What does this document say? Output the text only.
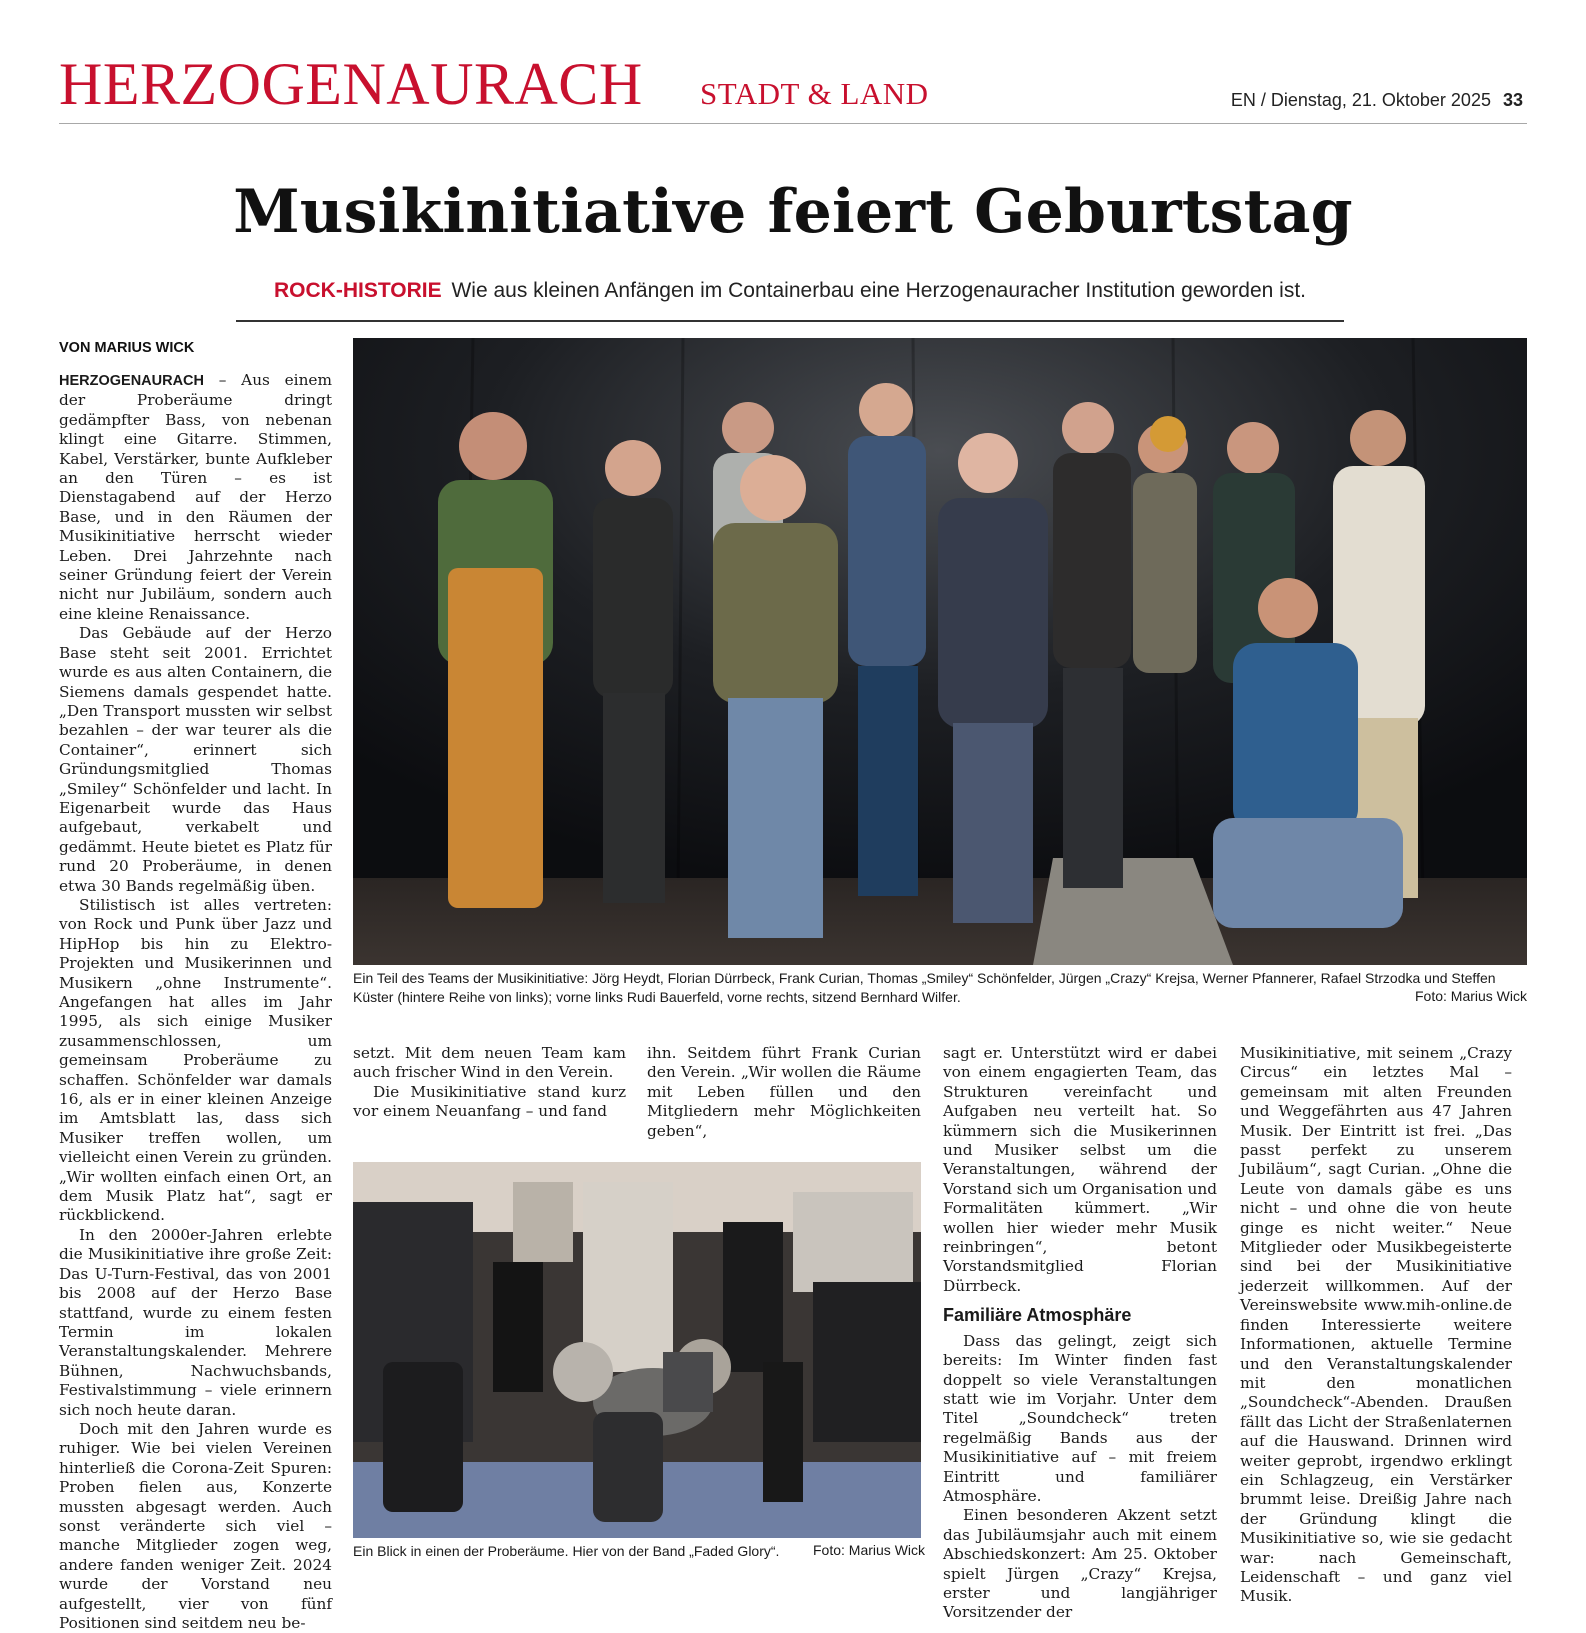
HERZOGENAURACH STADT & LAND	EN / Dienstag, 21. Oktober 2025 33
Musikinitiative feiert Geburtstag
ROCK-HISTORIE Wie aus kleinen Anfängen im Containerbau eine Herzogenauracher Institution geworden ist.
VON MARIUS WICK

HERZOGENAURACH – Aus einem der Proberäume dringt gedämpfter Bass, von nebenan klingt eine Gitarre. Stimmen, Kabel, Verstärker, bunte Aufkleber an den Türen – es ist Dienstagabend auf der Herzo Base, und in den Räumen der Musikinitiative herrscht wieder Leben. Drei Jahrzehnte nach seiner Gründung feiert der Verein nicht nur Jubiläum, sondern auch eine kleine Renaissance.

Das Gebäude auf der Herzo Base steht seit 2001. Errichtet wurde es aus alten Containern, die Siemens damals gespendet hatte. „Den Transport mussten wir selbst bezahlen – der war teurer als die Container“, erinnert sich Gründungsmitglied Thomas „Smiley“ Schönfelder und lacht. In Eigenarbeit wurde das Haus aufgebaut, verkabelt und gedämmt. Heute bietet es Platz für rund 20 Proberäume, in denen etwa 30 Bands regelmäßig üben.

Stilistisch ist alles vertreten: von Rock und Punk über Jazz und HipHop bis hin zu Elektro-Projekten und Musikerinnen und Musikern „ohne Instrumente“. Angefangen hat alles im Jahr 1995, als sich einige Musiker zusammenschlossen, um gemeinsam Proberäume zu schaffen. Schönfelder war damals 16, als er in einer kleinen Anzeige im Amtsblatt las, dass sich Musiker treffen wollen, um vielleicht einen Verein zu gründen. „Wir wollten einfach einen Ort, an dem Musik Platz hat“, sagt er rückblickend.

In den 2000er-Jahren erlebte die Musikinitiative ihre große Zeit: Das U-Turn-Festival, das von 2001 bis 2008 auf der Herzo Base stattfand, wurde zu einem festen Termin im lokalen Veranstaltungskalender. Mehrere Bühnen, Nachwuchsbands, Festivalstimmung – viele erinnern sich noch heute daran.

Doch mit den Jahren wurde es ruhiger. Wie bei vielen Vereinen hinterließ die Corona-Zeit Spuren: Proben fielen aus, Konzerte mussten abgesagt werden. Auch sonst veränderte sich viel – manche Mitglieder zogen weg, andere fanden weniger Zeit. 2024 wurde der Vorstand neu aufgestellt, vier von fünf Positionen sind seitdem neu be-

Ein Teil des Teams der Musikinitiative: Jörg Heydt, Florian Dürrbeck, Frank Curian, Thomas „Smiley“ Schönfelder, Jürgen „Crazy“ Krejsa, Werner Pfannerer, Rafael Strzodka und Steffen Küster (hintere Reihe von links); vorne links Rudi Bauerfeld, vorne rechts, sitzend Bernhard Wilfer.	Foto: Marius Wick

setzt. Mit dem neuen Team kam auch frischer Wind in den Verein.

Die Musikinitiative stand kurz vor einem Neuanfang – und fand

ihn. Seitdem führt Frank Curian den Verein. „Wir wollen die Räume mit Leben füllen und den Mitgliedern mehr Möglichkeiten geben“,

Ein Blick in einen der Proberäume. Hier von der Band „Faded Glory“.	Foto: Marius Wick

sagt er. Unterstützt wird er dabei von einem engagierten Team, das Strukturen vereinfacht und Aufgaben neu verteilt hat. So kümmern sich die Musikerinnen und Musiker selbst um die Veranstaltungen, während der Vorstand sich um Organisation und Formalitäten kümmert. „Wir wollen hier wieder mehr Musik reinbringen“, betont Vorstandsmitglied Florian Dürrbeck.

Familiäre Atmosphäre

Dass das gelingt, zeigt sich bereits: Im Winter finden fast doppelt so viele Veranstaltungen statt wie im Vorjahr. Unter dem Titel „Soundcheck“ treten regelmäßig Bands aus der Musikinitiative auf – mit freiem Eintritt und familiärer Atmosphäre.

Einen besonderen Akzent setzt das Jubiläumsjahr auch mit einem Abschiedskonzert: Am 25. Oktober spielt Jürgen „Crazy“ Krejsa, erster und langjähriger Vorsitzender der

Musikinitiative, mit seinem „Crazy Circus“ ein letztes Mal – gemeinsam mit alten Freunden und Weggefährten aus 47 Jahren Musik. Der Eintritt ist frei. „Das passt perfekt zu unserem Jubiläum“, sagt Curian. „Ohne die Leute von damals gäbe es uns nicht – und ohne die von heute ginge es nicht weiter.“ Neue Mitglieder oder Musikbegeisterte sind bei der Musikinitiative jederzeit willkommen. Auf der Vereinswebsite www.mih-online.de finden Interessierte weitere Informationen, aktuelle Termine und den Veranstaltungskalender mit den monatlichen „Soundcheck“-Abenden. Draußen fällt das Licht der Straßenlaternen auf die Hauswand. Drinnen wird weiter geprobt, irgendwo erklingt ein Schlagzeug, ein Verstärker brummt leise. Dreißig Jahre nach der Gründung klingt die Musikinitiative so, wie sie gedacht war: nach Gemeinschaft, Leidenschaft – und ganz viel Musik.
